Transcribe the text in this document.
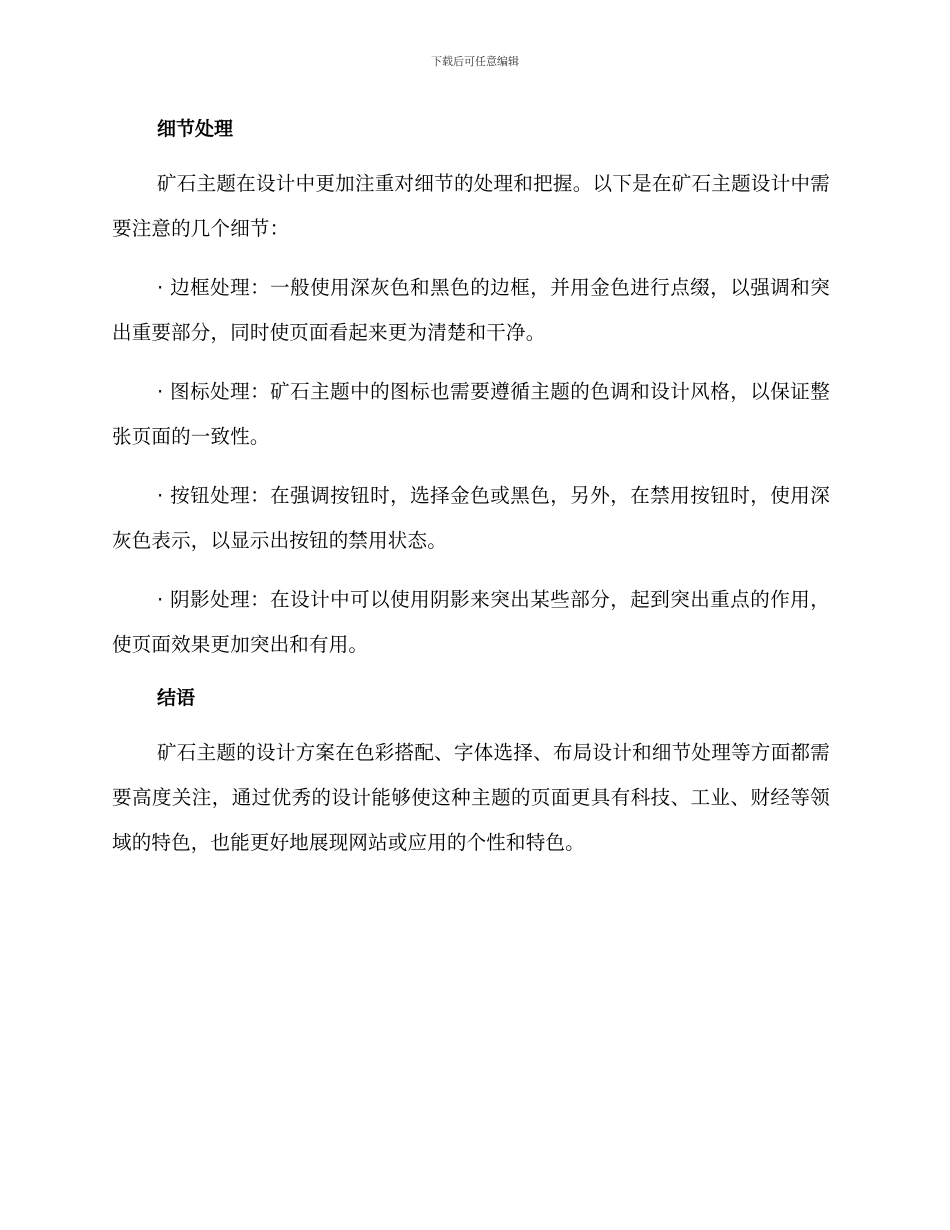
下载后可任意编辑
细节处理

矿石主题在设计中更加注重对细节的处理和把握。以下是在矿石主题设计中需要注意的几个细节：

· 边框处理：一般使用深灰色和黑色的边框，并用金色进行点缀，以强调和突出重要部分，同时使页面看起来更为清楚和干净。

· 图标处理：矿石主题中的图标也需要遵循主题的色调和设计风格，以保证整张页面的一致性。

· 按钮处理：在强调按钮时，选择金色或黑色，另外，在禁用按钮时，使用深灰色表示，以显示出按钮的禁用状态。

· 阴影处理：在设计中可以使用阴影来突出某些部分，起到突出重点的作用，使页面效果更加突出和有用。

结语

矿石主题的设计方案在色彩搭配、字体选择、布局设计和细节处理等方面都需要高度关注，通过优秀的设计能够使这种主题的页面更具有科技、工业、财经等领域的特色，也能更好地展现网站或应用的个性和特色。
